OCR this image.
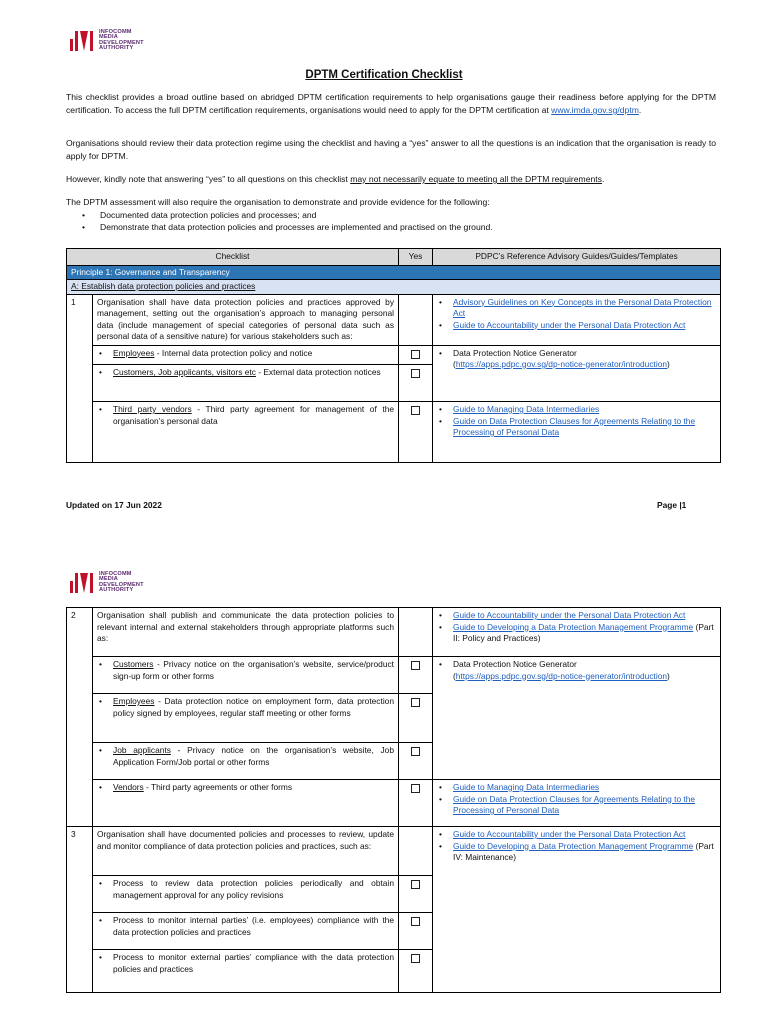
INFOCOMM
MEDIA
DEVELOPMENT
AUTHORITY
DPTM Certification Checklist
This checklist provides a broad outline based on abridged DPTM certification requirements to help organisations gauge their readiness before applying for the DPTM certification. To access the full DPTM certification requirements, organisations would need to apply for the DPTM certification at www.imda.gov.sg/dptm.
Organisations should review their data protection regime using the checklist and having a “yes” answer to all the questions is an indication that the organisation is ready to apply for DPTM.
However, kindly note that answering “yes” to all questions on this checklist may not necessarily equate to meeting all the DPTM requirements.
The DPTM assessment will also require the organisation to demonstrate and provide evidence for the following:
• Documented data protection policies and processes; and
• Demonstrate that data protection policies and processes are implemented and practised on the ground.
Checklist		Yes	PDPC’s Reference Advisory Guides/Guides/Templates
Principle 1: Governance and Transparency			
A: Establish data protection policies and practices			
1	Organisation shall have data protection policies and practices approved by management, setting out the organisation’s approach to managing personal data (include management of special categories of personal data such as personal data of a sensitive nature) for various stakeholders such as:		• Advisory Guidelines on Key Concepts in the Personal Data Protection Act
• Guide to Accountability under the Personal Data Protection Act

	• Employees - Internal data protection policy and notice		• Data Protection Notice Generator
(https://apps.pdpc.gov.sg/dp-notice-generator/introduction)

	• Customers, Job applicants, visitors etc - External data protection notices

	• Third party vendors - Third party agreement for management of the organisation’s personal data		• Guide to Managing Data Intermediaries
• Guide on Data Protection Clauses for Agreements Relating to the Processing of Personal Data
Updated on 17 Jun 2022	Page |1
INFOCOMM
MEDIA
DEVELOPMENT
AUTHORITY
2	Organisation shall publish and communicate the data protection policies to relevant internal and external stakeholders through appropriate platforms such as:		• Guide to Accountability under the Personal Data Protection Act
• Guide to Developing a Data Protection Management Programme (Part II: Policy and Practices)

	• Customers - Privacy notice on the organisation’s website, service/product sign-up form or other forms		• Data Protection Notice Generator
(https://apps.pdpc.gov.sg/dp-notice-generator/introduction)

	• Employees - Data protection notice on employment form, data protection policy signed by employees, regular staff meeting or other forms

	• Job applicants - Privacy notice on the organisation’s website, Job Application Form/Job portal or other forms

	• Vendors - Third party agreements or other forms		• Guide to Managing Data Intermediaries
• Guide on Data Protection Clauses for Agreements Relating to the Processing of Personal Data

3	Organisation shall have documented policies and processes to review, update and monitor compliance of data protection policies and practices, such as:		• Guide to Accountability under the Personal Data Protection Act
• Guide to Developing a Data Protection Management Programme (Part IV: Maintenance)

	• Process to review data protection policies periodically and obtain management approval for any policy revisions

	• Process to monitor internal parties’ (i.e. employees) compliance with the data protection policies and practices

	• Process to monitor external parties’ compliance with the data protection policies and practices
